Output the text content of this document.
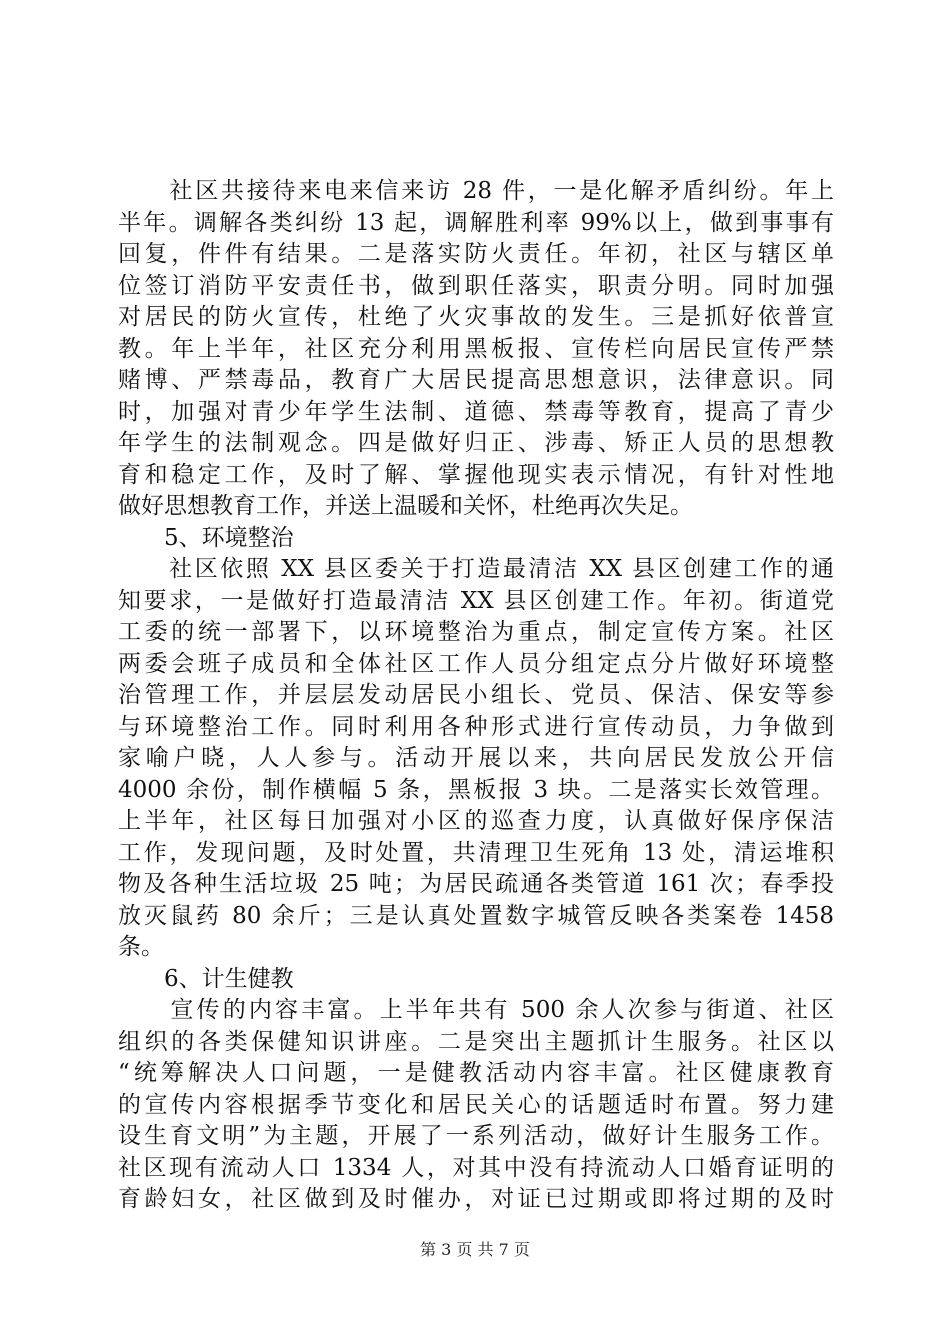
　　社区共接待来电来信来访 28 件，一是化解矛盾纠纷。年上
半年。调解各类纠纷 13 起，调解胜利率 99%以上，做到事事有
回复，件件有结果。二是落实防火责任。年初，社区与辖区单
位签订消防平安责任书，做到职任落实，职责分明。同时加强
对居民的防火宣传，杜绝了火灾事故的发生。三是抓好依普宣
教。年上半年，社区充分利用黑板报、宣传栏向居民宣传严禁
赌博、严禁毒品，教育广大居民提高思想意识，法律意识。同
时，加强对青少年学生法制、道德、禁毒等教育，提高了青少
年学生的法制观念。四是做好归正、涉毒、矫正人员的思想教
育和稳定工作，及时了解、掌握他现实表示情况，有针对性地
做好思想教育工作，并送上温暖和关怀，杜绝再次失足。
　　5、环境整治
　　社区依照 XX 县区委关于打造最清洁 XX 县区创建工作的通
知要求，一是做好打造最清洁 XX 县区创建工作。年初。街道党
工委的统一部署下，以环境整治为重点，制定宣传方案。社区
两委会班子成员和全体社区工作人员分组定点分片做好环境整
治管理工作，并层层发动居民小组长、党员、保洁、保安等参
与环境整治工作。同时利用各种形式进行宣传动员，力争做到
家喻户晓，人人参与。活动开展以来，共向居民发放公开信
4000 余份，制作横幅 5 条，黑板报 3 块。二是落实长效管理。
上半年，社区每日加强对小区的巡查力度，认真做好保序保洁
工作，发现问题，及时处置，共清理卫生死角 13 处，清运堆积
物及各种生活垃圾 25 吨；为居民疏通各类管道 161 次；春季投
放灭鼠药 80 余斤；三是认真处置数字城管反映各类案卷 1458
条。
　　6、计生健教
　　宣传的内容丰富。上半年共有 500 余人次参与街道、社区
组织的各类保健知识讲座。二是突出主题抓计生服务。社区以
“统筹解决人口问题，一是健教活动内容丰富。社区健康教育
的宣传内容根据季节变化和居民关心的话题适时布置。努力建
设生育文明”为主题，开展了一系列活动，做好计生服务工作。
社区现有流动人口 1334 人，对其中没有持流动人口婚育证明的
育龄妇女，社区做到及时催办，对证已过期或即将过期的及时
第 3 页 共 7 页
